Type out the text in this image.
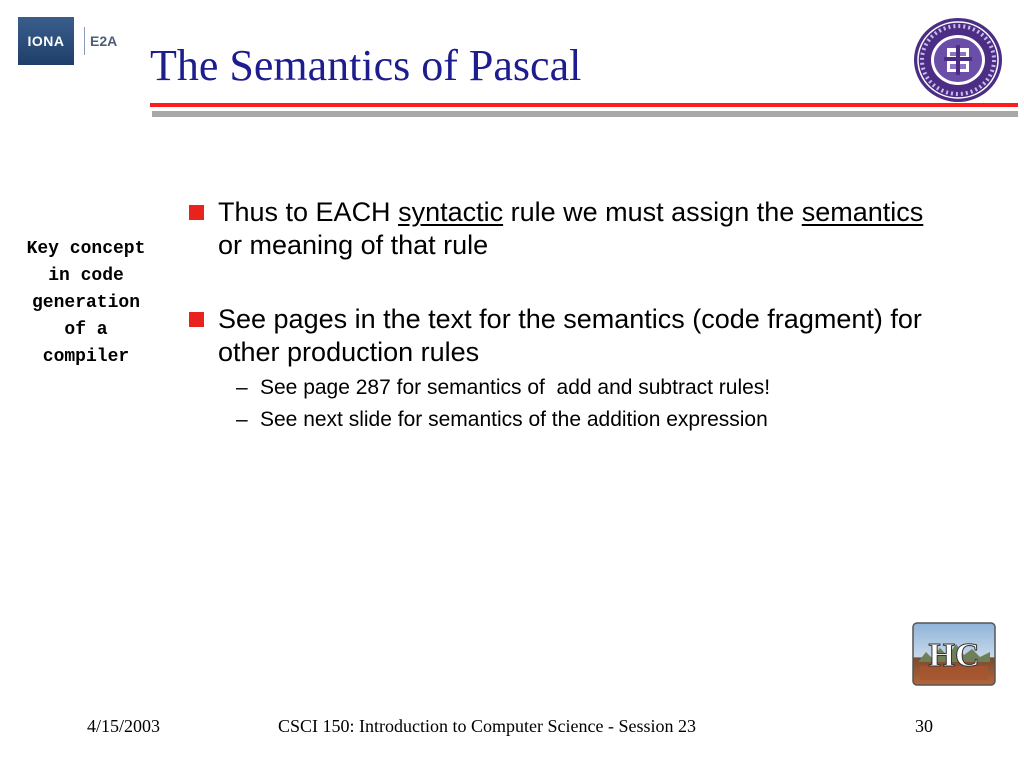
IONA	E2A The Semantics of Pascal
Key concept
in code
generation
of a
compiler
Thus to EACH syntactic rule we must assign the semantics or meaning of that rule
See pages in the text for the semantics (code fragment) for other production rules
– See page 287 for semantics of  add and subtract rules!
– See next slide for semantics of the addition expression
HC
4/15/2003	CSCI 150: Introduction to Computer Science - Session 23	30
